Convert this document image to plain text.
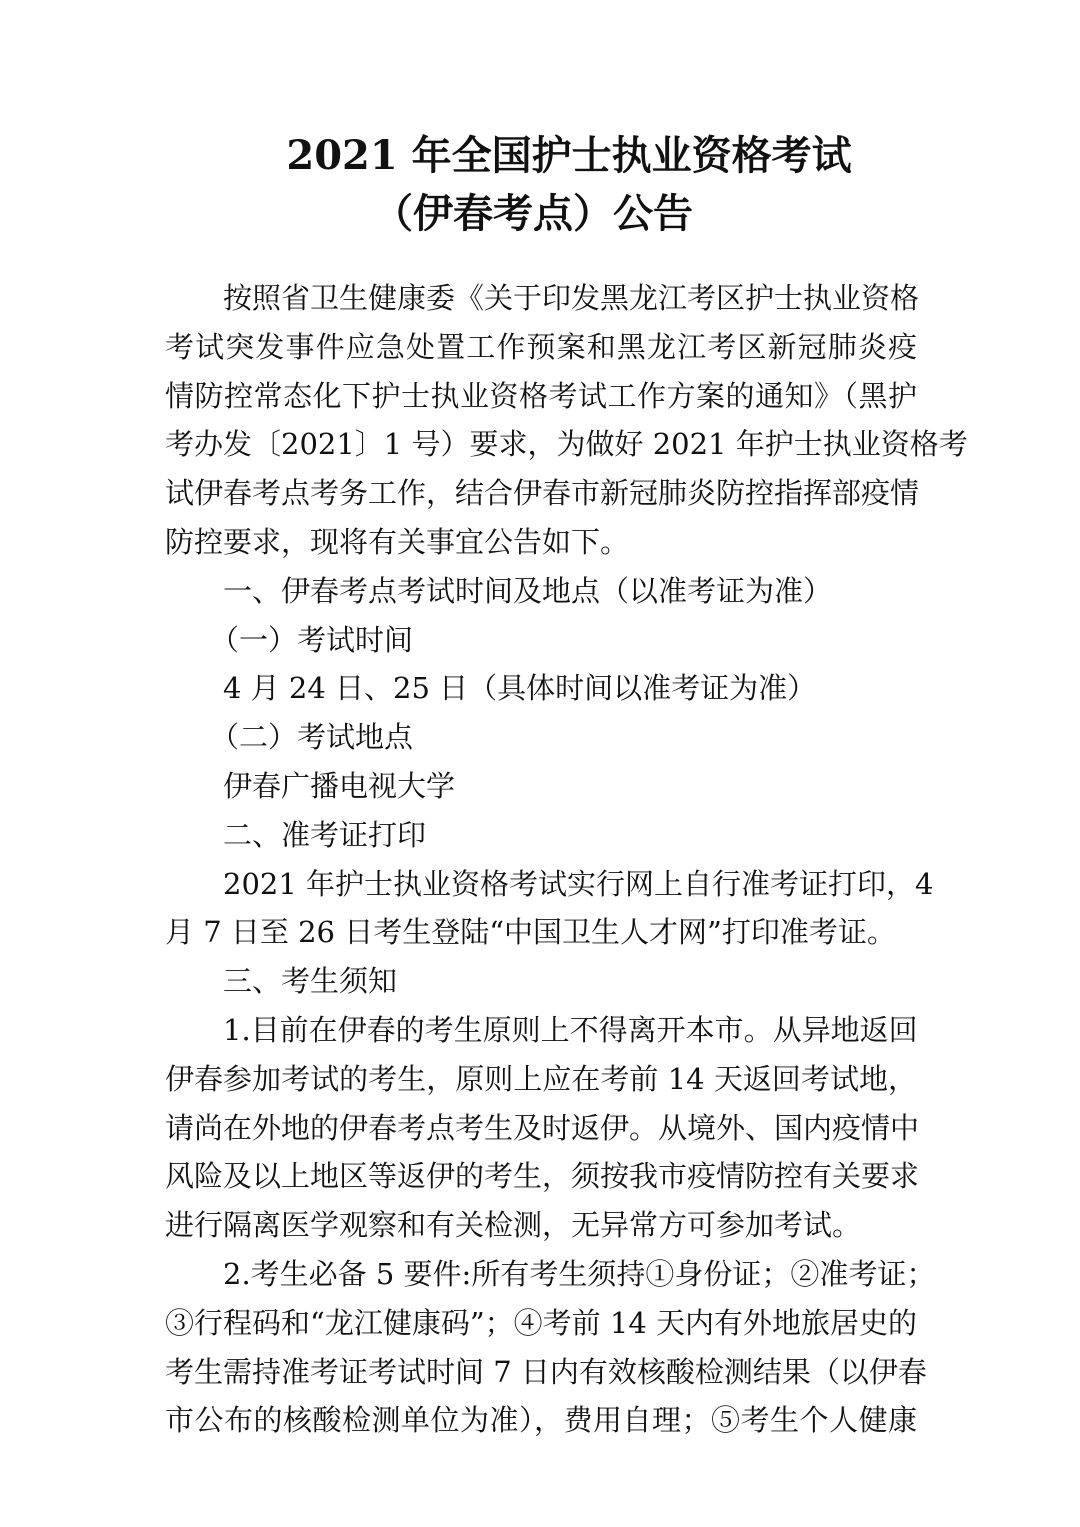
2021 年全国护士执业资格考试
（伊春考点）公告
按照省卫生健康委《关于印发黑龙江考区护士执业资格
考试突发事件应急处置工作预案和黑龙江考区新冠肺炎疫
情防控常态化下护士执业资格考试工作方案的通知》（黑护
考办发〔2021〕1 号）要求，为做好 2021 年护士执业资格考
试伊春考点考务工作，结合伊春市新冠肺炎防控指挥部疫情
防控要求，现将有关事宜公告如下。
一、伊春考点考试时间及地点（以准考证为准）
（一）考试时间
4 月 24 日、25 日（具体时间以准考证为准）
（二）考试地点
伊春广播电视大学
二、准考证打印
2021 年护士执业资格考试实行网上自行准考证打印，4
月 7 日至 26 日考生登陆“中国卫生人才网”打印准考证。
三、考生须知
1.目前在伊春的考生原则上不得离开本市。从异地返回
伊春参加考试的考生，原则上应在考前 14 天返回考试地，
请尚在外地的伊春考点考生及时返伊。从境外、国内疫情中
风险及以上地区等返伊的考生，须按我市疫情防控有关要求
进行隔离医学观察和有关检测，无异常方可参加考试。
2.考生必备 5 要件:所有考生须持①身份证；②准考证；
③行程码和“龙江健康码”；④考前 14 天内有外地旅居史的
考生需持准考证考试时间 7 日内有效核酸检测结果（以伊春
市公布的核酸检测单位为准），费用自理；⑤考生个人健康
